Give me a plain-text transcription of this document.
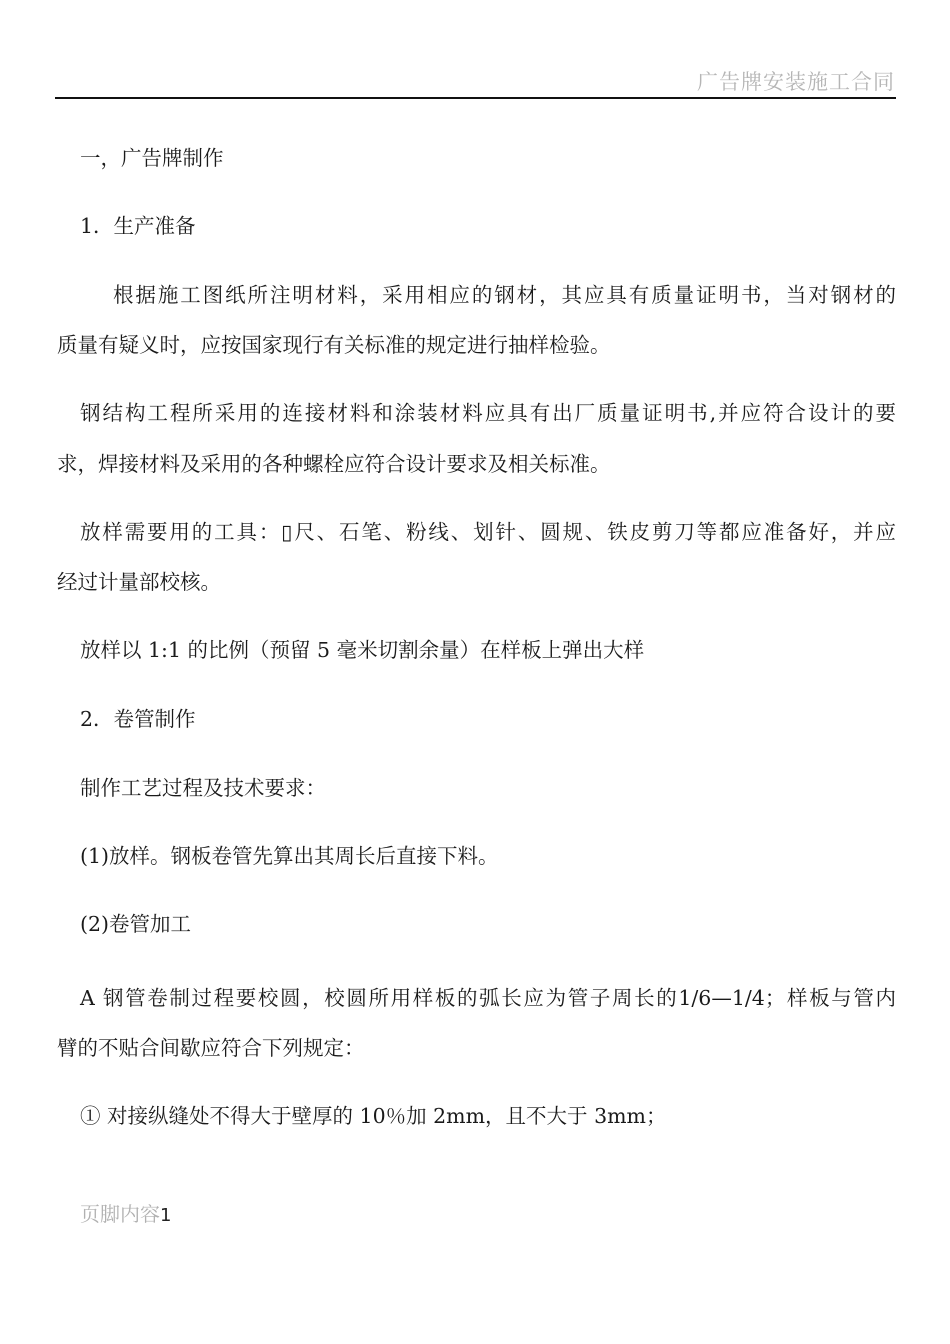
广告牌安装施工合同
一，广告牌制作
1．生产准备
根据施工图纸所注明材料，采用相应的钢材，其应具有质量证明书，当对钢材的
质量有疑义时，应按国家现行有关标准的规定进行抽样检验。
钢结构工程所采用的连接材料和涂装材料应具有出厂质量证明书,并应符合设计的要
求，焊接材料及采用的各种螺栓应符合设计要求及相关标准。
放样需要用的工具：▯尺、石笔、粉线、划针、圆规、铁皮剪刀等都应准备好，并应
经过计量部校核。
放样以 1:1 的比例（预留 5 毫米切割余量）在样板上弹出大样
2．卷管制作
制作工艺过程及技术要求：
(1)放样。钢板卷管先算出其周长后直接下料。
(2)卷管加工
A 钢管卷制过程要校圆，校圆所用样板的弧长应为管子周长的1/6—1/4；样板与管内
臂的不贴合间歇应符合下列规定：
① 对接纵缝处不得大于壁厚的 10％加 2mm，且不大于 3mm；
页脚内容1
